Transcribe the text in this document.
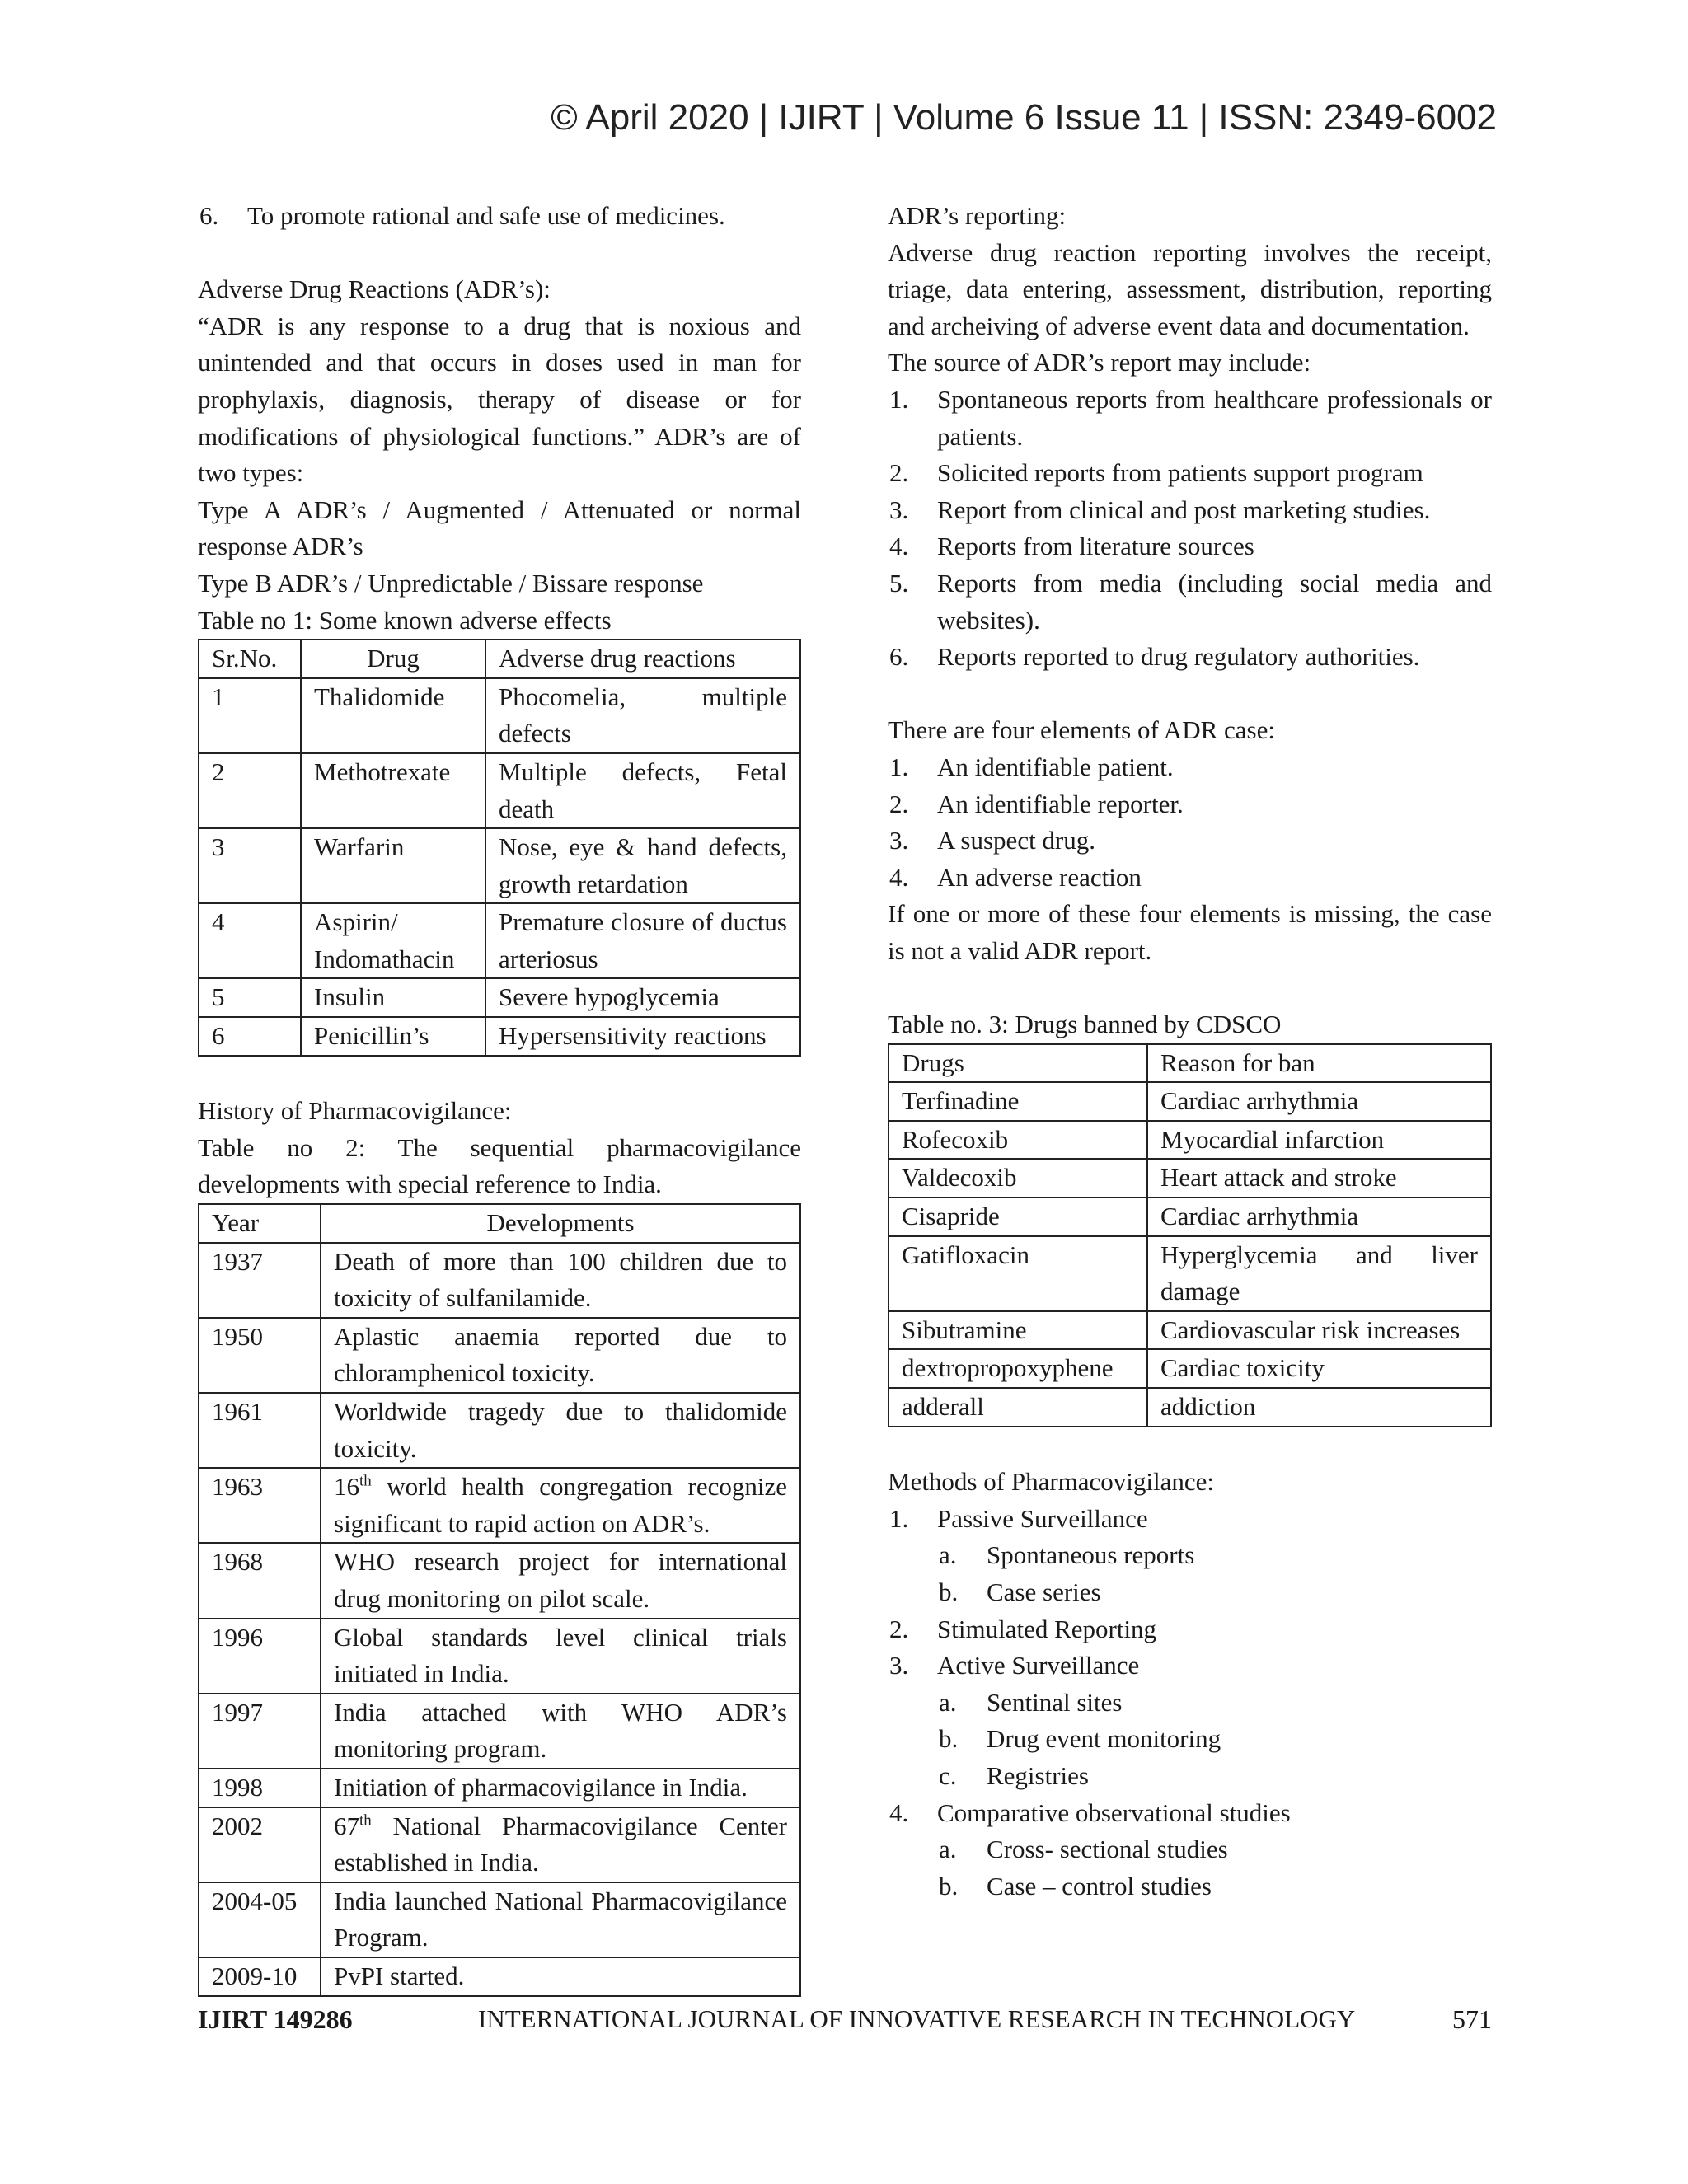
© April 2020 | IJIRT | Volume 6 Issue 11 | ISSN: 2349-6002
6. To promote rational and safe use of medicines.

Adverse Drug Reactions (ADR’s):

“ADR is any response to a drug that is noxious and unintended and that occurs in doses used in man for prophylaxis, diagnosis, therapy of disease or for modifications of physiological functions.” ADR’s are of two types:

Type A ADR’s / Augmented / Attenuated or normal response ADR’s

Type B ADR’s / Unpredictable / Bissare response

Table no 1: Some known adverse effects

Sr.No.	Drug	Adverse drug reactions
1	Thalidomide	Phocomelia, multiple defects
2	Methotrexate	Multiple defects, Fetal death
3	Warfarin	Nose, eye & hand defects, growth retardation
4	Aspirin/ Indomathacin	Premature closure of ductus arteriosus
5	Insulin	Severe hypoglycemia
6	Penicillin’s	Hypersensitivity reactions

History of Pharmacovigilance:

Table no 2: The sequential pharmacovigilance developments with special reference to India.

Year	Developments
1937	Death of more than 100 children due to toxicity of sulfanilamide.
1950	Aplastic anaemia reported due to chloramphenicol toxicity.
1961	Worldwide tragedy due to thalidomide toxicity.
1963	16th world health congregation recognize significant to rapid action on ADR’s.
1968	WHO research project for international drug monitoring on pilot scale.
1996	Global standards level clinical trials initiated in India.
1997	India attached with WHO ADR’s monitoring program.
1998	Initiation of pharmacovigilance in India.
2002	67th National Pharmacovigilance Center established in India.
2004-05	India launched National Pharmacovigilance Program.
2009-10	PvPI started.

ADR’s reporting:

Adverse drug reaction reporting involves the receipt, triage, data entering, assessment, distribution, reporting and archeiving of adverse event data and documentation.

The source of ADR’s report may include:

1. Spontaneous reports from healthcare professionals or patients.
2. Solicited reports from patients support program
3. Report from clinical and post marketing studies.
4. Reports from literature sources
5. Reports from media (including social media and websites).
6. Reports reported to drug regulatory authorities.

There are four elements of ADR case:

1. An identifiable patient.
2. An identifiable reporter.
3. A suspect drug.
4. An adverse reaction

If one or more of these four elements is missing, the case is not a valid ADR report.

Table no. 3: Drugs banned by CDSCO

Drugs	Reason for ban
Terfinadine	Cardiac arrhythmia
Rofecoxib	Myocardial infarction
Valdecoxib	Heart attack and stroke
Cisapride	Cardiac arrhythmia
Gatifloxacin	Hyperglycemia and liver damage
Sibutramine	Cardiovascular risk increases
dextropropoxyphene	Cardiac toxicity
adderall	addiction

Methods of Pharmacovigilance:

1. Passive Surveillance
a. Spontaneous reports
b. Case series
2. Stimulated Reporting
3. Active Surveillance
a. Sentinal sites
b. Drug event monitoring
c. Registries
4. Comparative observational studies
a. Cross- sectional studies
b. Case – control studies
IJIRT 149286	INTERNATIONAL JOURNAL OF INNOVATIVE RESEARCH IN TECHNOLOGY	571
